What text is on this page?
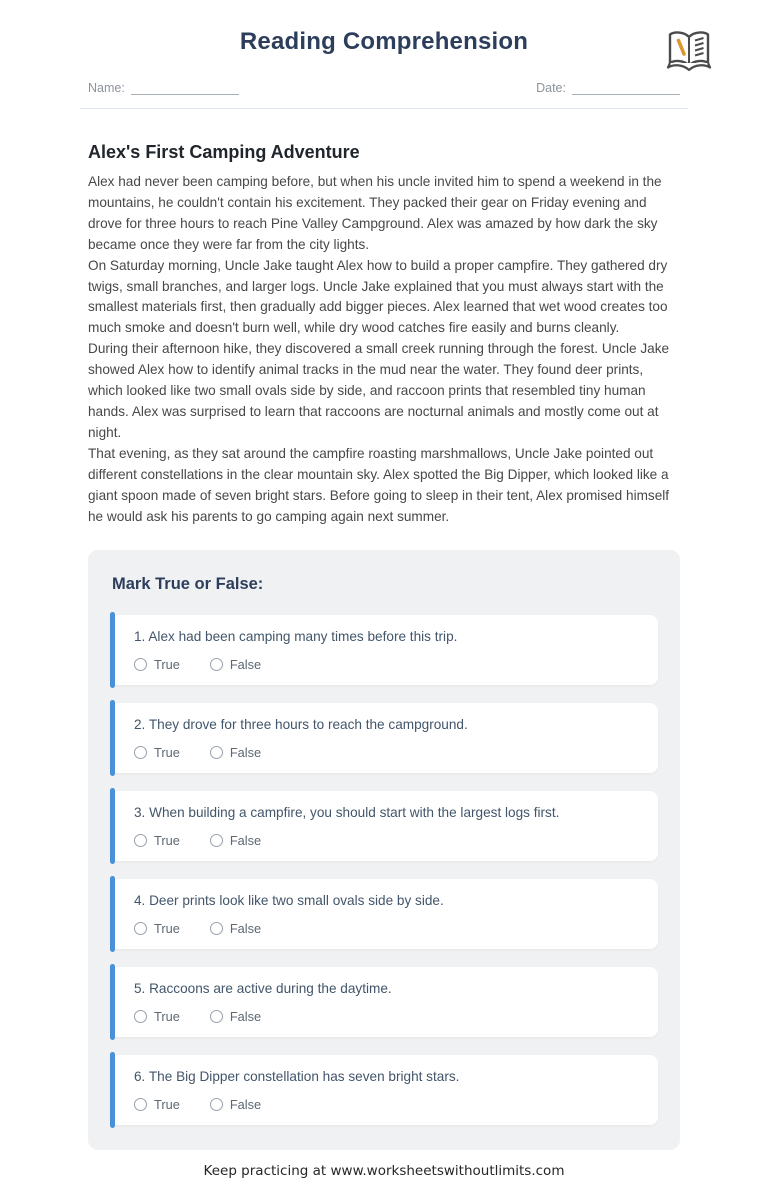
Reading Comprehension
Name:	Date:
Alex's First Camping Adventure

Alex had never been camping before, but when his uncle invited him to spend a weekend in the mountains, he couldn't contain his excitement. They packed their gear on Friday evening and drove for three hours to reach Pine Valley Campground. Alex was amazed by how dark the sky became once they were far from the city lights.

On Saturday morning, Uncle Jake taught Alex how to build a proper campfire. They gathered dry twigs, small branches, and larger logs. Uncle Jake explained that you must always start with the smallest materials first, then gradually add bigger pieces. Alex learned that wet wood creates too much smoke and doesn't burn well, while dry wood catches fire easily and burns cleanly.

During their afternoon hike, they discovered a small creek running through the forest. Uncle Jake showed Alex how to identify animal tracks in the mud near the water. They found deer prints, which looked like two small ovals side by side, and raccoon prints that resembled tiny human hands. Alex was surprised to learn that raccoons are nocturnal animals and mostly come out at night.

That evening, as they sat around the campfire roasting marshmallows, Uncle Jake pointed out different constellations in the clear mountain sky. Alex spotted the Big Dipper, which looked like a giant spoon made of seven bright stars. Before going to sleep in their tent, Alex promised himself he would ask his parents to go camping again next summer.

Mark True or False:
1. Alex had been camping many times before this trip.
True	False
2. They drove for three hours to reach the campground.
True	False
3. When building a campfire, you should start with the largest logs first.
True	False
4. Deer prints look like two small ovals side by side.
True	False
5. Raccoons are active during the daytime.
True	False
6. The Big Dipper constellation has seven bright stars.
True	False
Keep practicing at www.worksheetswithoutlimits.com
